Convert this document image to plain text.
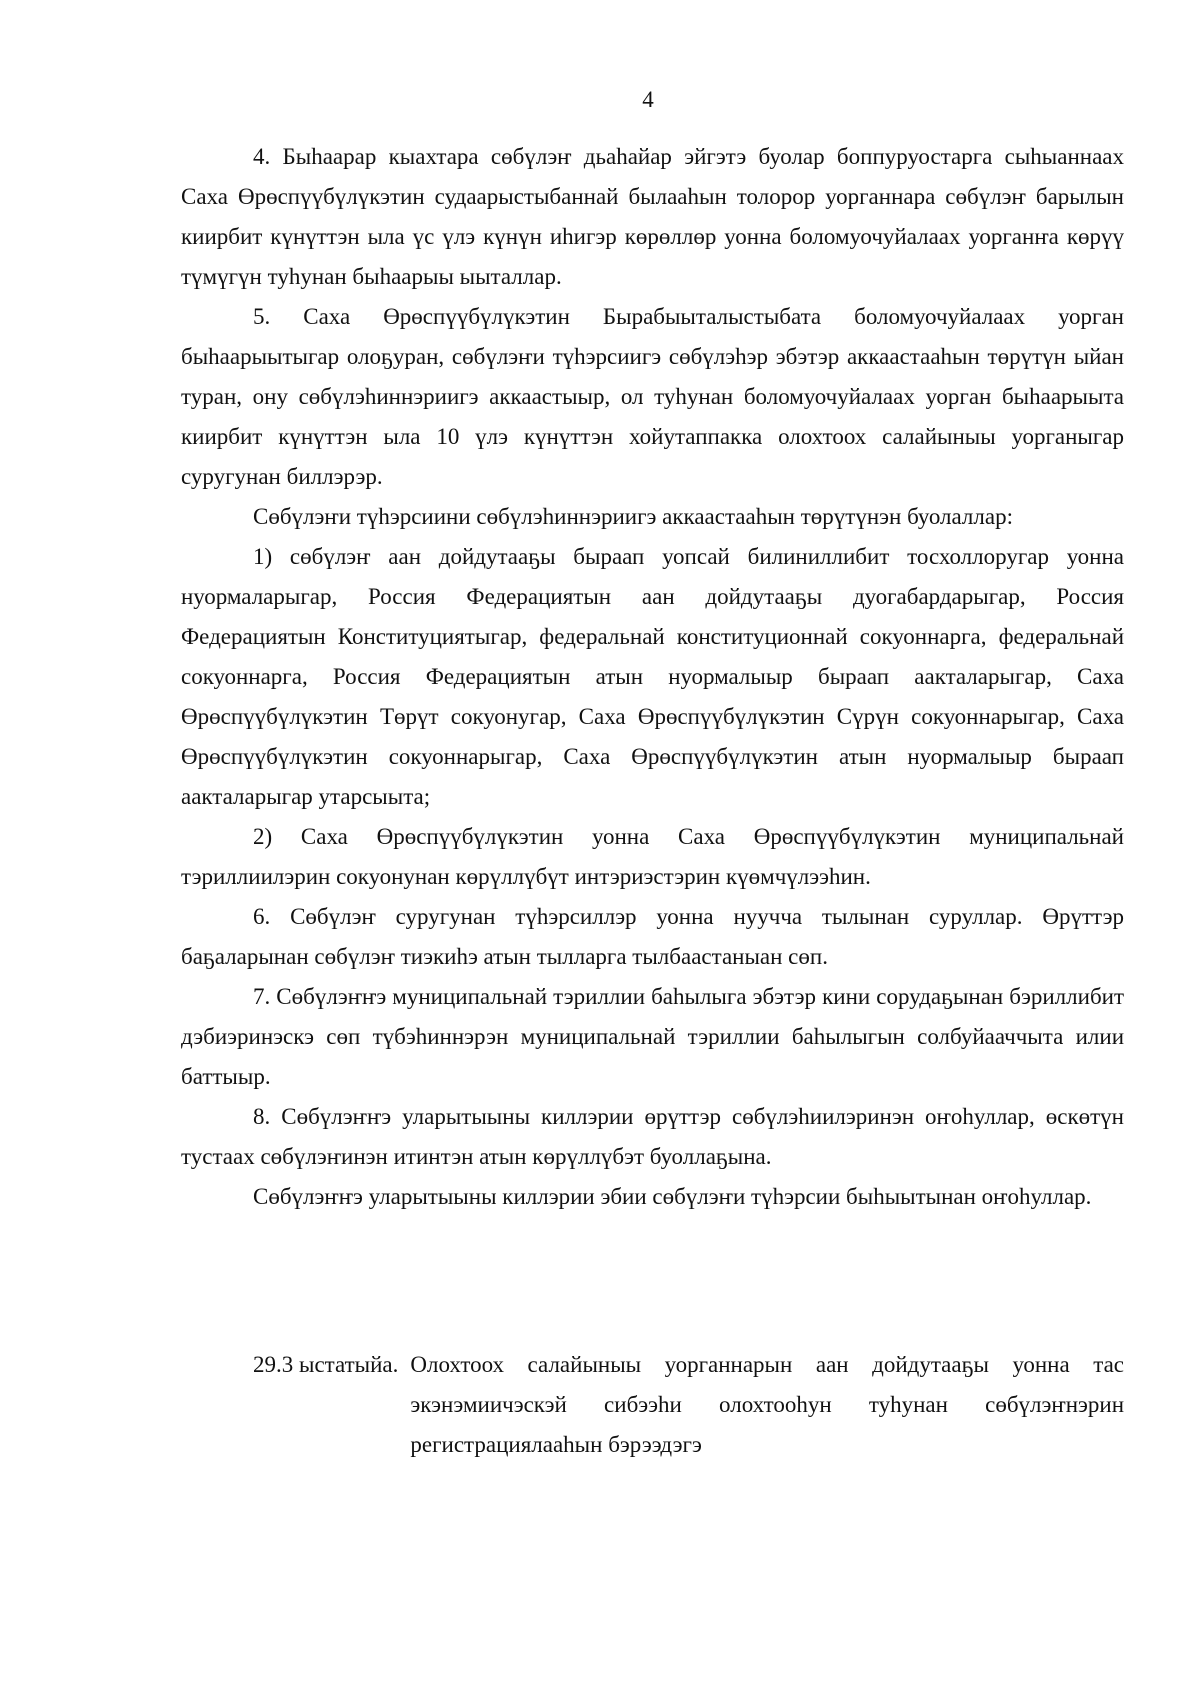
4

4. Быһаарар кыахтара сөбүлэҥ дьаһайар эйгэтэ буолар боппуруостарга сыһыаннаах Саха Өрөспүүбүлүкэтин судаарыстыбаннай былааһын толорор уорганнара сөбүлэҥ барылын киирбит күнүттэн ыла үс үлэ күнүн иһигэр көрөллөр уонна боломуочуйалаах уорганҥа көрүү түмүгүн туһунан быһаарыы ыыталлар.

5. Саха Өрөспүүбүлүкэтин Бырабыыталыстыбата боломуочуйалаах уорган быһаарыытыгар олоҕуран, сөбүлэҥи түһэрсиигэ сөбүлэһэр эбэтэр аккаастааһын төрүтүн ыйан туран, ону сөбүлэһиннэриигэ аккаастыыр, ол туһунан боломуочуйалаах уорган быһаарыыта киирбит күнүттэн ыла 10 үлэ күнүттэн хойутаппакка олохтоох салайыныы уорганыгар суругунан биллэрэр.

Сөбүлэҥи түһэрсиини сөбүлэһиннэриигэ аккаастааһын төрүтүнэн буолаллар:

1) сөбүлэҥ аан дойдутааҕы быраап уопсай билиниллибит тосхоллоругар уонна нуормаларыгар, Россия Федерациятын аан дойдутааҕы дуогабардарыгар, Россия Федерациятын Конституциятыгар, федеральнай конституционнай сокуоннарга, федеральнай сокуоннарга, Россия Федерациятын атын нуормалыыр быраап аакталарыгар, Саха Өрөспүүбүлүкэтин Төрүт сокуонугар, Саха Өрөспүүбүлүкэтин Сүрүн сокуоннарыгар, Саха Өрөспүүбүлүкэтин сокуоннарыгар, Саха Өрөспүүбүлүкэтин атын нуормалыыр быраап аакталарыгар утарсыыта;

2) Саха Өрөспүүбүлүкэтин уонна Саха Өрөспүүбүлүкэтин муниципальнай тэриллиилэрин сокуонунан көрүллүбүт интэриэстэрин күөмчүлээһин.

6. Сөбүлэҥ суругунан түһэрсиллэр уонна нууччa тылынан суруллар. Өрүттэр баҕаларынан сөбүлэҥ тиэкиһэ атын тылларга тылбаастаныан сөп.

7. Сөбүлэҥҥэ муниципальнай тэриллии баһылыга эбэтэр кини сорудаҕынан бэриллибит дэбиэринэскэ сөп түбэһиннэрэн муниципальнай тэриллии баһылыгын солбуйааччыта илии баттыыр.

8. Сөбүлэҥҥэ уларытыыны киллэрии өрүттэр сөбүлэһиилэринэн оҥоһуллар, өскөтүн тустаах сөбүлэҥинэн итинтэн атын көрүллүбэт буоллаҕына.

Сөбүлэҥҥэ уларытыыны киллэрии эбии сөбүлэҥи түһэрсии быһыытынан оҥоһуллар.

29.3 ыстатыйа. Олохтоох салайыныы уорганнарын аан дойдутааҕы уонна тас экэнэмиичэскэй сибээһи олохтооһун туһунан сөбүлэҥнэрин регистрациялааһын бэрээдэгэ
